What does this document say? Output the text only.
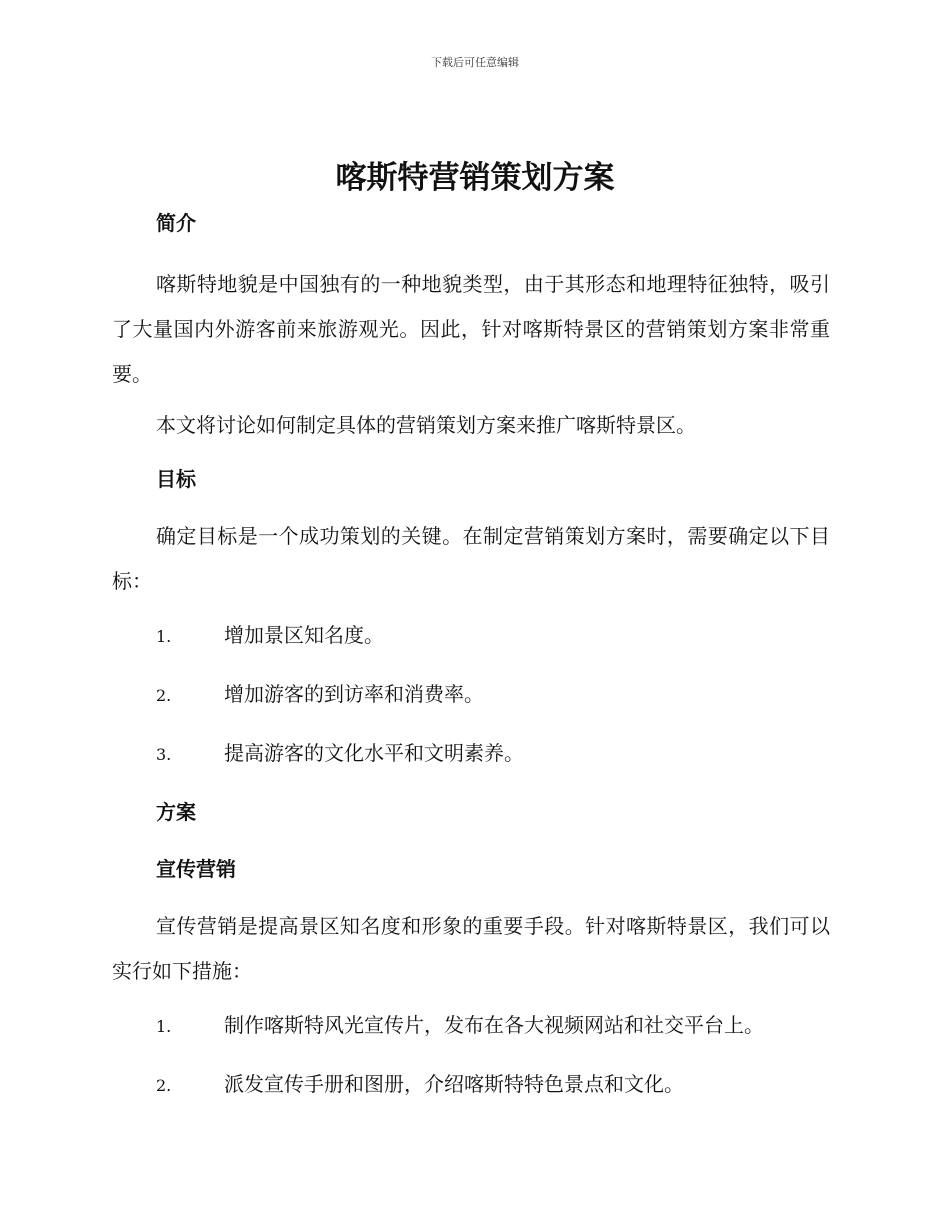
下载后可任意编辑
喀斯特营销策划方案

简介

喀斯特地貌是中国独有的一种地貌类型，由于其形态和地理特征独特，吸引了大量国内外游客前来旅游观光。因此，针对喀斯特景区的营销策划方案非常重要。

本文将讨论如何制定具体的营销策划方案来推广喀斯特景区。

目标

确定目标是一个成功策划的关键。在制定营销策划方案时，需要确定以下目标：

1.	增加景区知名度。
2.	增加游客的到访率和消费率。
3.	提高游客的文化水平和文明素养。

方案

宣传营销

宣传营销是提高景区知名度和形象的重要手段。针对喀斯特景区，我们可以实行如下措施：

1.	制作喀斯特风光宣传片，发布在各大视频网站和社交平台上。
2.	派发宣传手册和图册，介绍喀斯特特色景点和文化。
